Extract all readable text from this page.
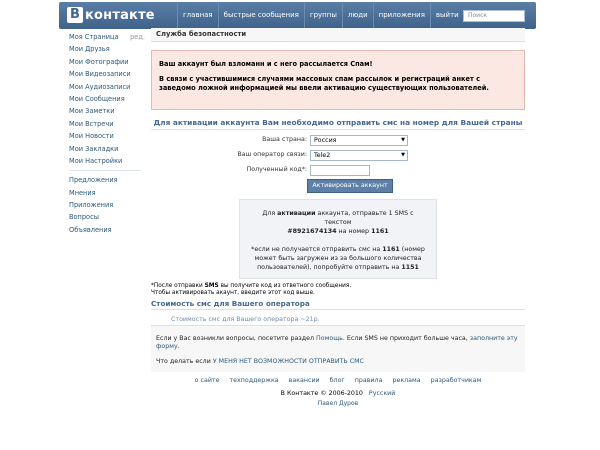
В контакте	главная	быстрые сообщения	группы	люди	приложения	выйти	Поиск
Моя Страница ред.
Мои Друзья
Мои Фотографии
Мои Видеозаписи
Мои Аудиозаписи
Мои Сообщения
Мои Заметки
Мои Встречи
Мои Новости
Мои Закладки
Мои Настройки
Предложения
Мнения
Приложения
Вопросы
Объявления
Служба безопастности

Ваш аккаунт был взломанн и с него рассылается Спам!

В связи с участившимися случаями массовых спам рассылок и регистраций анкет с заведомо ложной информацией мы ввели активацию существующих пользователей.

Для активации аккаунта Вам необходимо отправить смс на номер для Вашей страны
Ваша страна:	Россия	▼
Ваш оператор связи:	Tele2	▼
Полученный код*:
Активировать аккаунт
Для активации аккаунта, отправьте 1 SMS с текстом
#8921674134 на номер 1161
*если не получается отправить смс на 1161 (номер может быть загружен из за большого количества пользователей), попробуйте отправить на 1151
*После отправки SMS вы получите код из ответного сообщения.
Чтобы активировать акаунт, введите этот код выше.
Стоимость смс для Вашего оператора
Стоимость смс для Вашего оператора ~21р.
Если у Вас возникли вопросы, посетите раздел Помощь. Если SMS не приходит больше часа, заполните эту форму.
Что делать если У МЕНЯ НЕТ ВОЗМОЖНОСТИ ОТПРАВИТЬ СМС
о сайте техподдержка вакансии блог правила реклама разработчикам
В Контакте © 2006-2010 Русский
Павел Дуров
